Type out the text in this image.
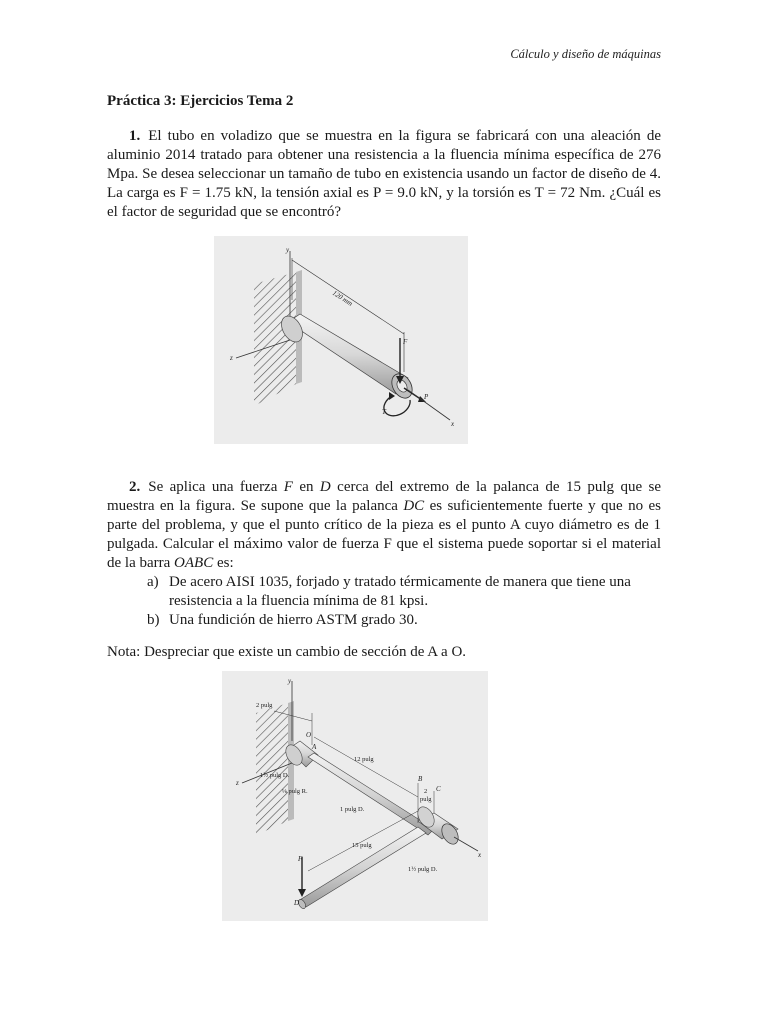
Cálculo y diseño de máquinas

Práctica 3: Ejercicios Tema 2

1. El tubo en voladizo que se muestra en la figura se fabricará con una aleación de aluminio 2014 tratado para obtener una resistencia a la fluencia mínima específica de 276 Mpa. Se desea seleccionar un tamaño de tubo en existencia usando un factor de diseño de 4. La carga es F = 1.75 kN, la tensión axial es P = 9.0 kN, y la torsión es T = 72 Nm. ¿Cuál es el factor de seguridad que se encontró?

y
z
120 mm
F
P
x
T

2. Se aplica una fuerza F en D cerca del extremo de la palanca de 15 pulg que se muestra en la figura. Se supone que la palanca DC es suficientemente fuerte y que no es parte del problema, y que el punto crítico de la pieza es el punto A cuyo diámetro es de 1 pulgada. Calcular el máximo valor de fuerza F que el sistema puede soportar si el material de la barra OABC es:

a) De acero AISI 1035, forjado y tratado térmicamente de manera que tiene una resistencia a la fluencia mínima de 81 kpsi.
b) Una fundición de hierro ASTM grado 30.

Nota: Despreciar que existe un cambio de sección de A a O.

y
2 pulg
O
A
z
12 pulg
1½ pulg D.
⅛ pulg R.
1 pulg D.
B
C
2
pulg
x
15 pulg
1½ pulg D.
F
D
